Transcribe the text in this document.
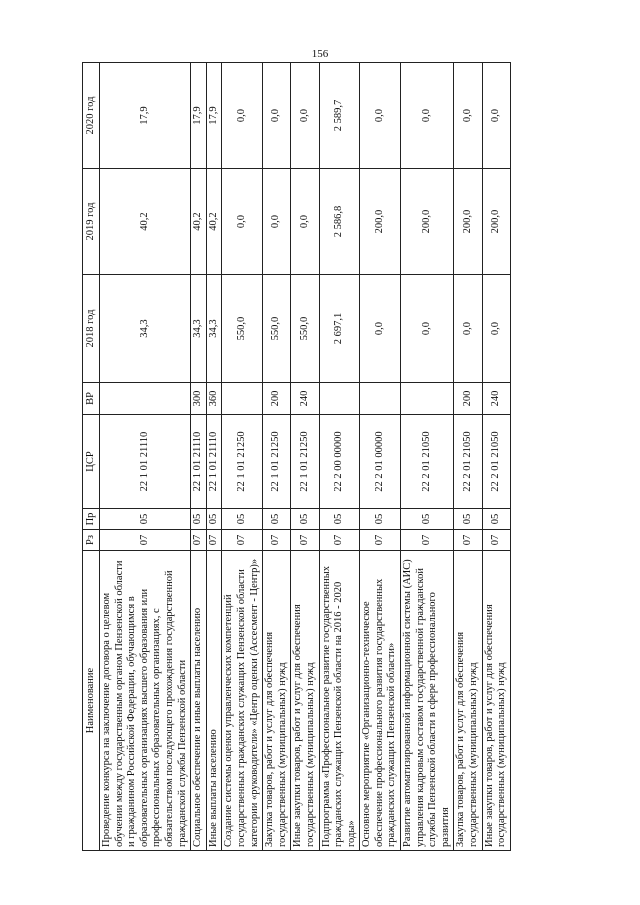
156
Наименование	Рз	Пр	ЦСР	ВР	2018 год	2019 год	2020 год
Проведение конкурса на заключение договора о целевом обучении между государственным органом Пензенской области и гражданином Российской Федерации, обучающимся в образовательных организациях высшего образования или профессиональных образовательных организациях, с обязательством последующего прохождения государственной гражданской службы Пензенской области	07	05	22 1 01 21110		34,3	40,2	17,9
Социальное обеспечение и иные выплаты населению	07	05	22 1 01 21110	300	34,3	40,2	17,9
Иные выплаты населению	07	05	22 1 01 21110	360	34,3	40,2	17,9
Создание системы оценки управленческих компетенций государственных гражданских служащих Пензенской области категории «руководители» «Центр оценки (Ассесмент - Центр)»	07	05	22 1 01 21250		550,0	0,0	0,0
Закупка товаров, работ и услуг для обеспечения государственных (муниципальных) нужд	07	05	22 1 01 21250	200	550,0	0,0	0,0
Иные закупки товаров, работ и услуг для обеспечения государственных (муниципальных) нужд	07	05	22 1 01 21250	240	550,0	0,0	0,0
Подпрограмма «Профессиональное развитие государственных гражданских служащих Пензенской области на 2016 - 2020 годы»	07	05	22 2 00 00000		2 697,1	2 586,8	2 589,7
Основное мероприятие «Организационно-техническое обеспечение профессионального развития государственных гражданских служащих Пензенской области»	07	05	22 2 01 00000		0,0	200,0	0,0
Развитие автоматизированной информационной системы (АИС) управления кадровым составом государственной гражданской службы Пензенской области в сфере профессионального развития	07	05	22 2 01 21050		0,0	200,0	0,0
Закупка товаров, работ и услуг для обеспечения государственных (муниципальных) нужд	07	05	22 2 01 21050	200	0,0	200,0	0,0
Иные закупки товаров, работ и услуг для обеспечения государственных (муниципальных) нужд	07	05	22 2 01 21050	240	0,0	200,0	0,0
